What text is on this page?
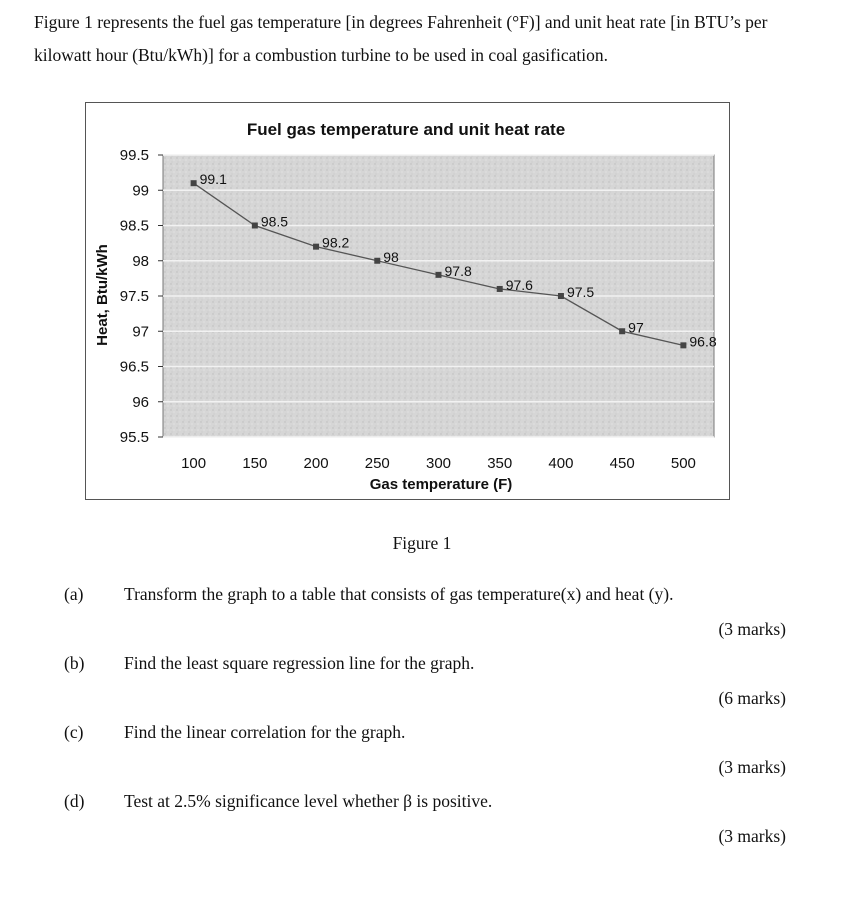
Figure 1 represents the fuel gas temperature [in degrees Fahrenheit (°F)] and unit heat rate [in BTU’s per kilowatt hour (Btu/kWh)] for a combustion turbine to be used in coal gasification.
Fuel gas temperature and unit heat rate
99.5
99
98.5
98
97.5
97
96.5
96
95.5
100 150 200 250 300 350 400 450 500
99.1
98.5
98.2
98
97.8
97.6 97.5
97
96.8
Gas temperature (F)
Heat, Btu/kWh
Figure 1
(a) Transform the graph to a table that consists of gas temperature(x) and heat (y).
(3 marks)
(b) Find the least square regression line for the graph.
(6 marks)
(c) Find the linear correlation for the graph.
(3 marks)
(d) Test at 2.5% significance level whether β is positive.
(3 marks)
